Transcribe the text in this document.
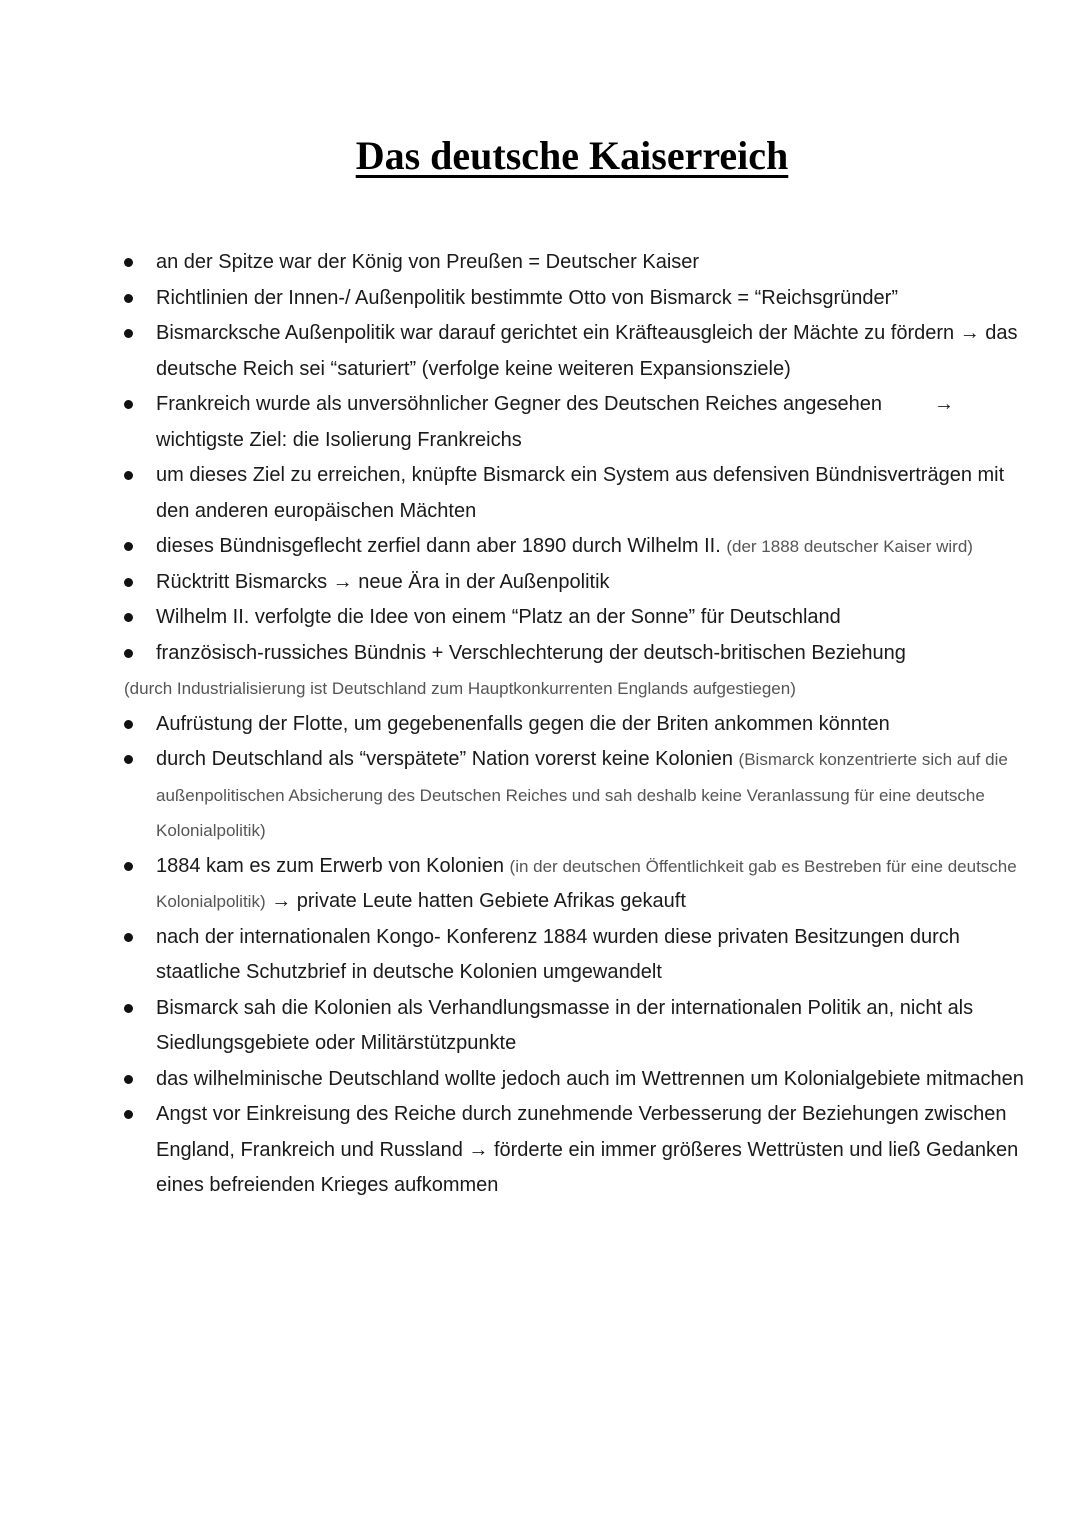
Das deutsche Kaiserreich
an der Spitze war der König von Preußen = Deutscher Kaiser
Richtlinien der Innen-/ Außenpolitik bestimmte Otto von Bismarck = “Reichsgründer”
Bismarcksche Außenpolitik war darauf gerichtet ein Kräfteausgleich der Mächte zu fördern → das deutsche Reich sei “saturiert” (verfolge keine weiteren Expansionsziele)
Frankreich wurde als unversöhnlicher Gegner des Deutschen Reiches angesehen	→
wichtigste Ziel: die Isolierung Frankreichs
um dieses Ziel zu erreichen, knüpfte Bismarck ein System aus defensiven Bündnisverträgen mit den anderen europäischen Mächten
dieses Bündnisgeflecht zerfiel dann aber 1890 durch Wilhelm II. (der 1888 deutscher Kaiser wird)
Rücktritt Bismarcks → neue Ära in der Außenpolitik
Wilhelm II. verfolgte die Idee von einem “Platz an der Sonne” für Deutschland
französisch-russiches Bündnis + Verschlechterung der deutsch-britischen Beziehung
(durch Industrialisierung ist Deutschland zum Hauptkonkurrenten Englands aufgestiegen)
Aufrüstung der Flotte, um gegebenenfalls gegen die der Briten ankommen könnten
durch Deutschland als “verspätete” Nation vorerst keine Kolonien (Bismarck konzentrierte sich auf die außenpolitischen Absicherung des Deutschen Reiches und sah deshalb keine Veranlassung für eine deutsche Kolonialpolitik)
1884 kam es zum Erwerb von Kolonien (in der deutschen Öffentlichkeit gab es Bestreben für eine deutsche Kolonialpolitik) → private Leute hatten Gebiete Afrikas gekauft
nach der internationalen Kongo- Konferenz 1884 wurden diese privaten Besitzungen durch staatliche Schutzbrief in deutsche Kolonien umgewandelt
Bismarck sah die Kolonien als Verhandlungsmasse in der internationalen Politik an, nicht als Siedlungsgebiete oder Militärstützpunkte
das wilhelminische Deutschland wollte jedoch auch im Wettrennen um Kolonialgebiete mitmachen
Angst vor Einkreisung des Reiche durch zunehmende Verbesserung der Beziehungen zwischen England, Frankreich und Russland → förderte ein immer größeres Wettrüsten und ließ Gedanken eines befreienden Krieges aufkommen
